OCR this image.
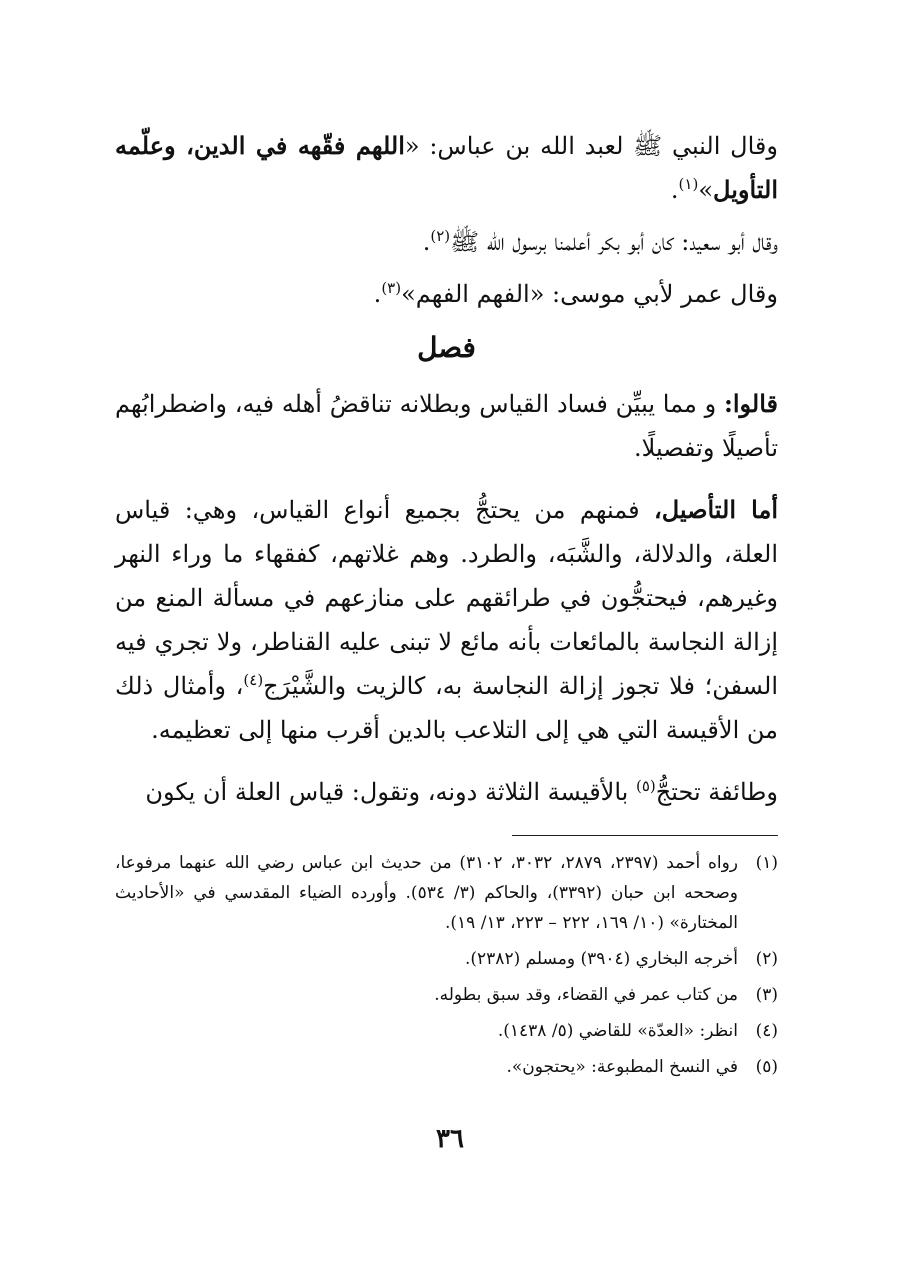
وقال النبي ﷺ لعبد الله بن عباس: «اللهم فقّهه في الدين، وعلّمه التأويل»$^{(١)}$.

وقال أبو سعيد: كان أبو بكر أعلمنا برسول الله ﷺ$^{(٢)}$.

وقال عمر لأبي موسى: «الفهم الفهم»$^{(٣)}$.

فصل

قالوا: و مما يبيِّن فساد القياس وبطلانه تناقضُ أهله فيه، واضطرابُهم تأصيلًا وتفصيلًا.

أما التأصيل، فمنهم من يحتجُّ بجميع أنواع القياس، وهي: قياس العلة، والدلالة، والشَّبَه، والطرد. وهم غلاتهم، كفقهاء ما وراء النهر وغيرهم، فيحتجُّون في طرائقهم على منازعهم في مسألة المنع من إزالة النجاسة بالمائعات بأنه مائع لا تبنى عليه القناطر، ولا تجري فيه السفن؛ فلا تجوز إزالة النجاسة به، كالزيت والشَّيْرَج$^{(٤)}$، وأمثال ذلك من الأقيسة التي هي إلى التلاعب بالدين أقرب منها إلى تعظيمه.

وطائفة تحتجُّ$^{(٥)}$ بالأقيسة الثلاثة دونه، وتقول: قياس العلة أن يكون

(١)
رواه أحمد (٢٣٩٧، ٢٨٧٩، ٣٠٣٢، ٣١٠٢) من حديث ابن عباس رضي الله عنهما مرفوعا، وصححه ابن حبان (٣٣٩٢)، والحاكم (٣/ ٥٣٤). وأورده الضياء المقدسي في «الأحاديث المختارة» (١٠/ ١٦٩، ٢٢٢ – ٢٢٣، ١٣/ ١٩).
(٢)
أخرجه البخاري (٣٩٠٤) ومسلم (٢٣٨٢).
(٣)
من كتاب عمر في القضاء، وقد سبق بطوله.
(٤)
انظر: «العدّة» للقاضي (٥/ ١٤٣٨).
(٥)
في النسخ المطبوعة: «يحتجون».
٣٦
